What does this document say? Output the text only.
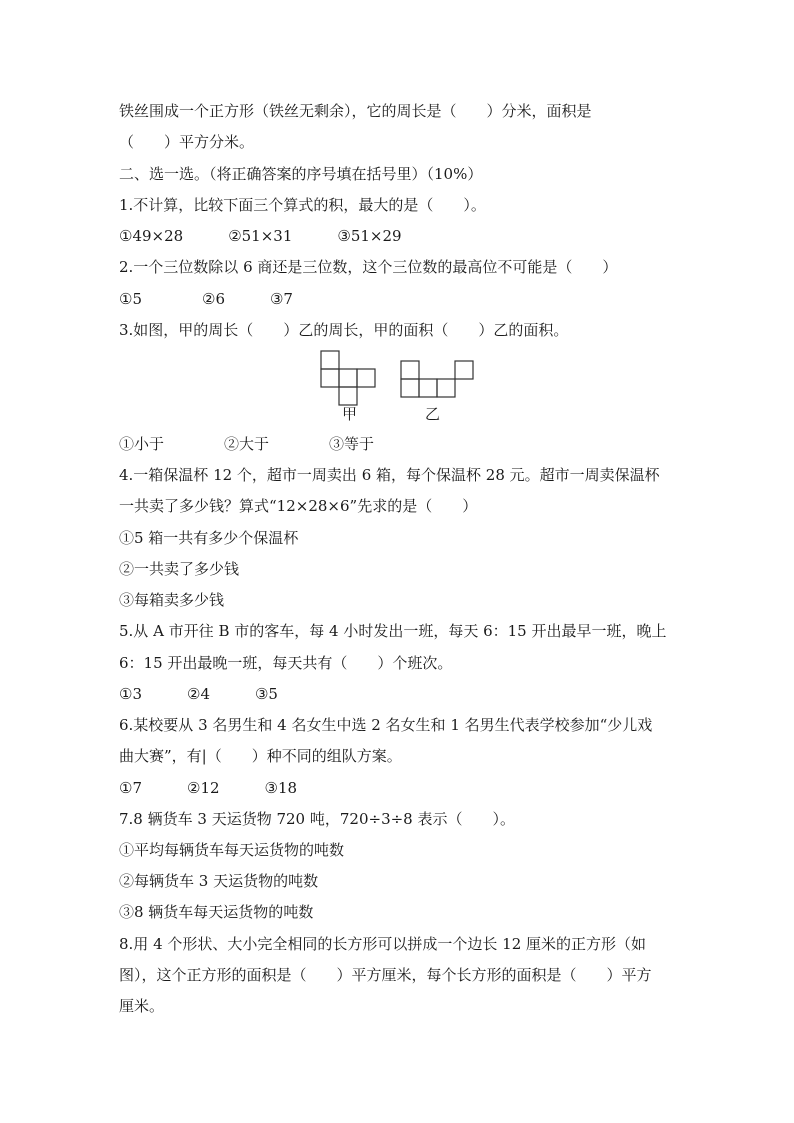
铁丝围成一个正方形（铁丝无剩余），它的周长是（　　）分米，面积是
（　　）平方分米。
二、选一选。（将正确答案的序号填在括号里）（10%）
1.不计算，比较下面三个算式的积，最大的是（　　）。
①49×28　　　②51×31　　　③51×29
2.一个三位数除以 6 商还是三位数，这个三位数的最高位不可能是（　　）
①5　　　　②6　　　③7
3.如图，甲的周长（　　）乙的周长，甲的面积（　　）乙的面积。
甲	乙
①小于　　　　②大于　　　　③等于
4.一箱保温杯 12 个，超市一周卖出 6 箱，每个保温杯 28 元。超市一周卖保温杯
一共卖了多少钱？算式“12×28×6”先求的是（　　）
①5 箱一共有多少个保温杯
②一共卖了多少钱
③每箱卖多少钱
5.从 A 市开往 B 市的客车，每 4 小时发出一班，每天 6：15 开出最早一班，晚上
6：15 开出最晚一班，每天共有（　　）个班次。
①3　　　②4　　　③5
6.某校要从 3 名男生和 4 名女生中选 2 名女生和 1 名男生代表学校参加“少儿戏
曲大赛”，有|（　　）种不同的组队方案。
①7　　　②12　　　③18
7.8 辆货车 3 天运货物 720 吨，720÷3÷8 表示（　　）。
①平均每辆货车每天运货物的吨数
②每辆货车 3 天运货物的吨数
③8 辆货车每天运货物的吨数
8.用 4 个形状、大小完全相同的长方形可以拼成一个边长 12 厘米的正方形（如
图），这个正方形的面积是（　　）平方厘米，每个长方形的面积是（　　）平方
厘米。
